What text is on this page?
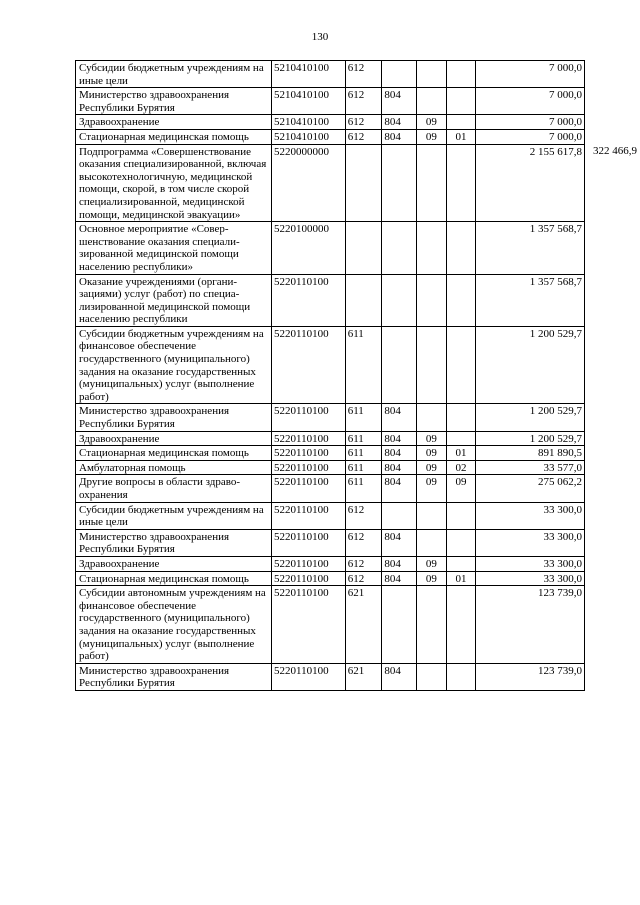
130
Субсидии бюджетным учреждениям на иные цели	5210410100	612				7 000,0	
Министерство здравоохранения Республики Бурятия	5210410100	612	804			7 000,0	
Здравоохранение	5210410100	612	804	09		7 000,0	
Стационарная медицинская помощь	5210410100	612	804	09	01	7 000,0	
Подпрограмма «Совершенствование оказания специализированной, включая высокотехнологичную, медицинской помощи, скорой, в том числе скорой специализированной, медицинской помощи, медицинской эвакуации»	5220000000					2 155 617,8	322 466,9
Основное мероприятие «Совершенствование оказания специализированной медицинской помощи населению республики»	5220100000					1 357 568,7	
Оказание учреждениями (организациями) услуг (работ) по специализированной медицинской помощи населению республики	5220110100					1 357 568,7	
Субсидии бюджетным учреждениям на финансовое обеспечение государственного (муниципального) задания на оказание государственных (муниципальных) услуг (выполнение работ)	5220110100	611				1 200 529,7	
Министерство здравоохранения Республики Бурятия	5220110100	611	804			1 200 529,7	
Здравоохранение	5220110100	611	804	09		1 200 529,7	
Стационарная медицинская помощь	5220110100	611	804	09	01	891 890,5	
Амбулаторная помощь	5220110100	611	804	09	02	33 577,0	
Другие вопросы в области здравоохранения	5220110100	611	804	09	09	275 062,2	
Субсидии бюджетным учреждениям на иные цели	5220110100	612				33 300,0	
Министерство здравоохранения Республики Бурятия	5220110100	612	804			33 300,0	
Здравоохранение	5220110100	612	804	09		33 300,0	
Стационарная медицинская помощь	5220110100	612	804	09	01	33 300,0	
Субсидии автономным учреждениям на финансовое обеспечение государственного (муниципального) задания на оказание государственных (муниципальных) услуг (выполнение работ)	5220110100	621				123 739,0	
Министерство здравоохранения Республики Бурятия	5220110100	621	804			123 739,0	
